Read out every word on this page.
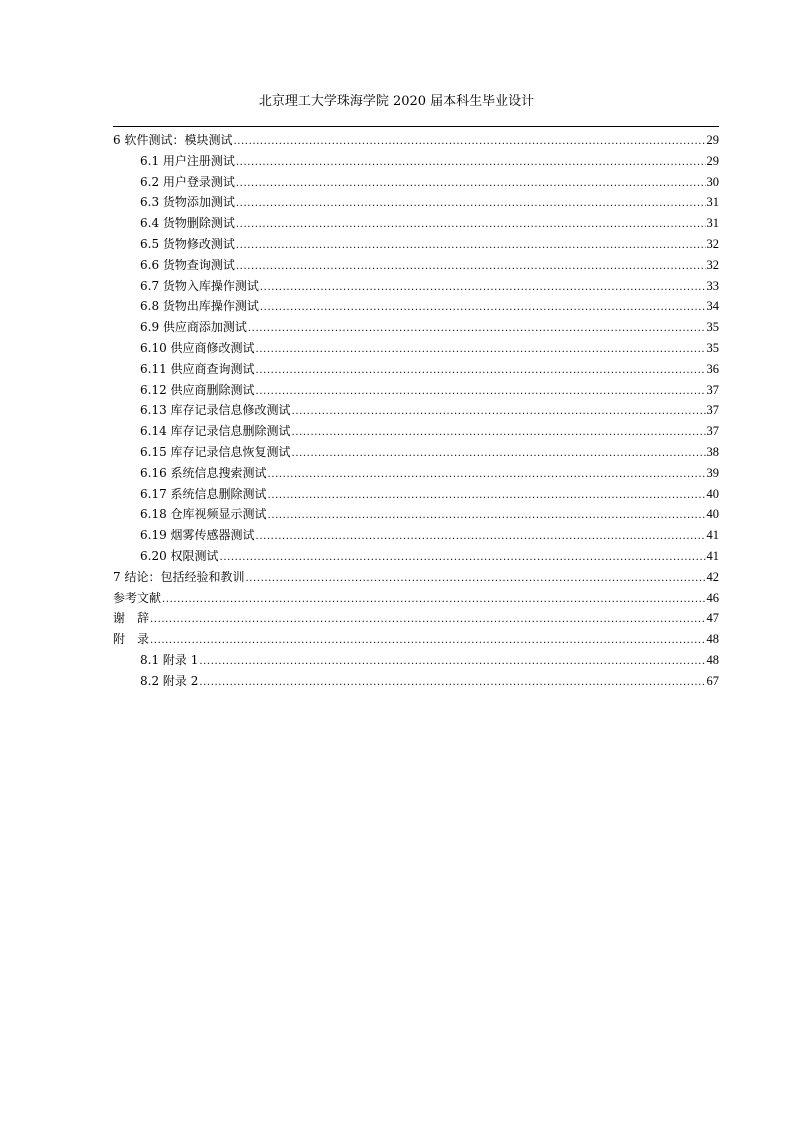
北京理工大学珠海学院 2020 届本科生毕业设计
6 软件测试：模块测试 .....	29
6.1 用户注册测试 .....	29
6.2 用户登录测试 .....	30
6.3 货物添加测试 .....	31
6.4 货物删除测试 .....	31
6.5 货物修改测试 .....	32
6.6 货物查询测试 .....	32
6.7 货物入库操作测试 .....	33
6.8 货物出库操作测试 .....	34
6.9 供应商添加测试 .....	35
6.10 供应商修改测试 .....	35
6.11 供应商查询测试 .....	36
6.12 供应商删除测试 .....	37
6.13 库存记录信息修改测试 .....	37
6.14 库存记录信息删除测试 .....	37
6.15 库存记录信息恢复测试 .....	38
6.16 系统信息搜索测试 .....	39
6.17 系统信息删除测试 .....	40
6.18 仓库视频显示测试 .....	40
6.19 烟雾传感器测试 .....	41
6.20 权限测试 .....	41
7 结论：包括经验和教训 .....	42
参考文献 .....	46
谢　辞 .....	47
附　录 .....	48
8.1 附录 1 .....	48
8.2 附录 2 .....	67
